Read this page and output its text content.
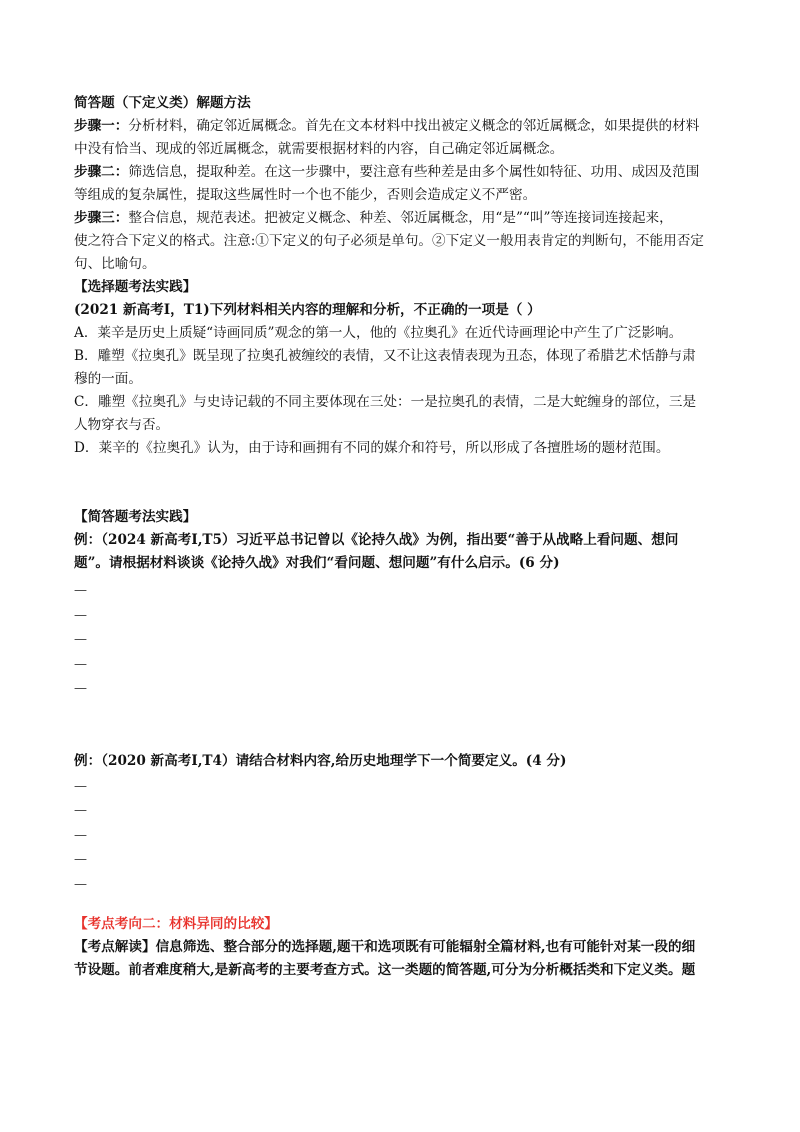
简答题（下定义类）解题方法
步骤一：分析材料，确定邻近属概念。首先在文本材料中找出被定义概念的邻近属概念，如果提供的材料
中没有恰当、现成的邻近属概念，就需要根据材料的内容，自己确定邻近属概念。
步骤二：筛选信息，提取种差。在这一步骤中，要注意有些种差是由多个属性如特征、功用、成因及范围
等组成的复杂属性，提取这些属性时一个也不能少，否则会造成定义不严密。
步骤三：整合信息，规范表述。把被定义概念、种差、邻近属概念，用“是”“叫”等连接词连接起来，
使之符合下定义的格式。注意:①下定义的句子必须是单句。②下定义一般用表肯定的判断句，不能用否定
句、比喻句。
【选择题考法实践】
(2021 新高考Ⅰ，T1)下列材料相关内容的理解和分析，不正确的一项是（ ）
A．莱辛是历史上质疑“诗画同质”观念的第一人，他的《拉奥孔》在近代诗画理论中产生了广泛影响。
B．雕塑《拉奥孔》既呈现了拉奥孔被缠绞的表情，又不让这表情表现为丑态，体现了希腊艺术恬静与肃
穆的一面。
C．雕塑《拉奥孔》与史诗记载的不同主要体现在三处：一是拉奥孔的表情，二是大蛇缠身的部位，三是
人物穿衣与否。
D．莱辛的《拉奥孔》认为，由于诗和画拥有不同的媒介和符号，所以形成了各擅胜场的题材范围。
【简答题考法实践】
例：（2024 新高考Ⅰ,T5）习近平总书记曾以《论持久战》为例，指出要“善于从战略上看问题、想问
题”。请根据材料谈谈《论持久战》对我们“看问题、想问题”有什么启示。(6 分)
—
—
—
—
—
例：（2020 新高考Ⅰ,T4）请结合材料内容,给历史地理学下一个简要定义。(4 分)
—
—
—
—
—
【考点考向二：材料异同的比较】
【考点解读】信息筛选、整合部分的选择题,题干和选项既有可能辐射全篇材料,也有可能针对某一段的细
节设题。前者难度稍大,是新高考的主要考查方式。这一类题的简答题,可分为分析概括类和下定义类。题
